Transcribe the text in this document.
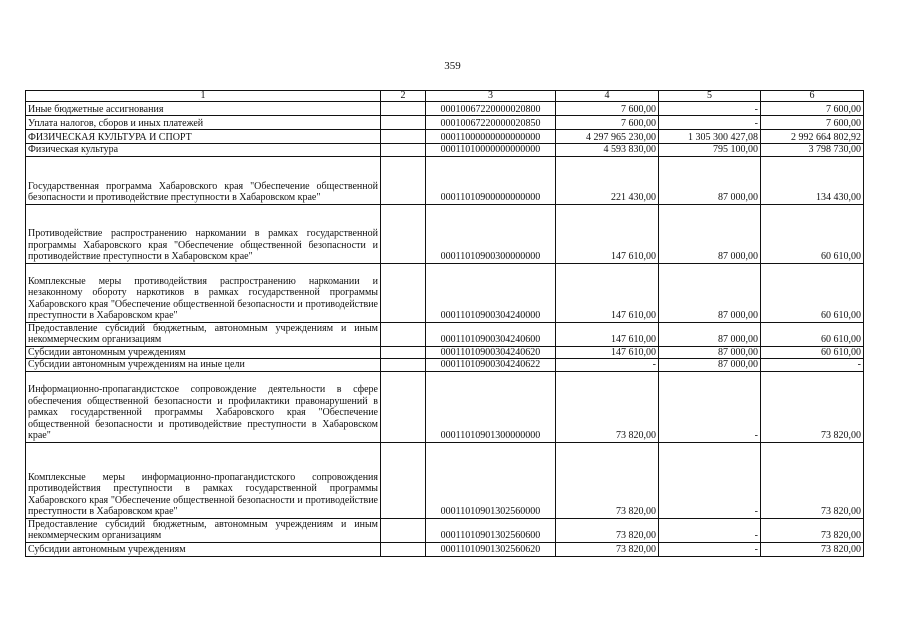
359
1	2	3	4	5	6
Иные бюджетные ассигнования		00010067220000020800	7 600,00	-	7 600,00
Уплата налогов, сборов и иных платежей		00010067220000020850	7 600,00	-	7 600,00
ФИЗИЧЕСКАЯ КУЛЬТУРА И СПОРТ		00011000000000000000	4 297 965 230,00	1 305 300 427,08	2 992 664 802,92
Физическая культура		00011010000000000000	4 593 830,00	795 100,00	3 798 730,00
Государственная программа Хабаровского края "Обеспечение общественной безопасности и противодействие преступности в Хабаровском крае"		00011010900000000000	221 430,00	87 000,00	134 430,00
Противодействие распространению наркомании в рамках государственной программы Хабаровского края "Обеспечение общественной безопасности и противодействие преступности в Хабаровском крае"		00011010900300000000	147 610,00	87 000,00	60 610,00
Комплексные меры противодействия распространению наркомании и незаконному обороту наркотиков в рамках государственной программы Хабаровского края "Обеспечение общественной безопасности и противодействие преступности в Хабаровском крае"		00011010900304240000	147 610,00	87 000,00	60 610,00
Предоставление субсидий бюджетным, автономным учреждениям и иным некоммерческим организациям		00011010900304240600	147 610,00	87 000,00	60 610,00
Субсидии автономным учреждениям		00011010900304240620	147 610,00	87 000,00	60 610,00
Субсидии автономным учреждениям на иные цели		00011010900304240622	-	87 000,00	-
Информационно-пропагандистское сопровождение деятельности в сфере обеспечения общественной безопасности и профилактики правонарушений в рамках государственной программы Хабаровского края "Обеспечение общественной безопасности и противодействие преступности в Хабаровском крае"		00011010901300000000	73 820,00	-	73 820,00
Комплексные меры информационно-пропагандистского сопровождения противодействия преступности в рамках государственной программы Хабаровского края "Обеспечение общественной безопасности и противодействие преступности в Хабаровском крае"		00011010901302560000	73 820,00	-	73 820,00
Предоставление субсидий бюджетным, автономным учреждениям и иным некоммерческим организациям		00011010901302560600	73 820,00	-	73 820,00
Субсидии автономным учреждениям		00011010901302560620	73 820,00	-	73 820,00
